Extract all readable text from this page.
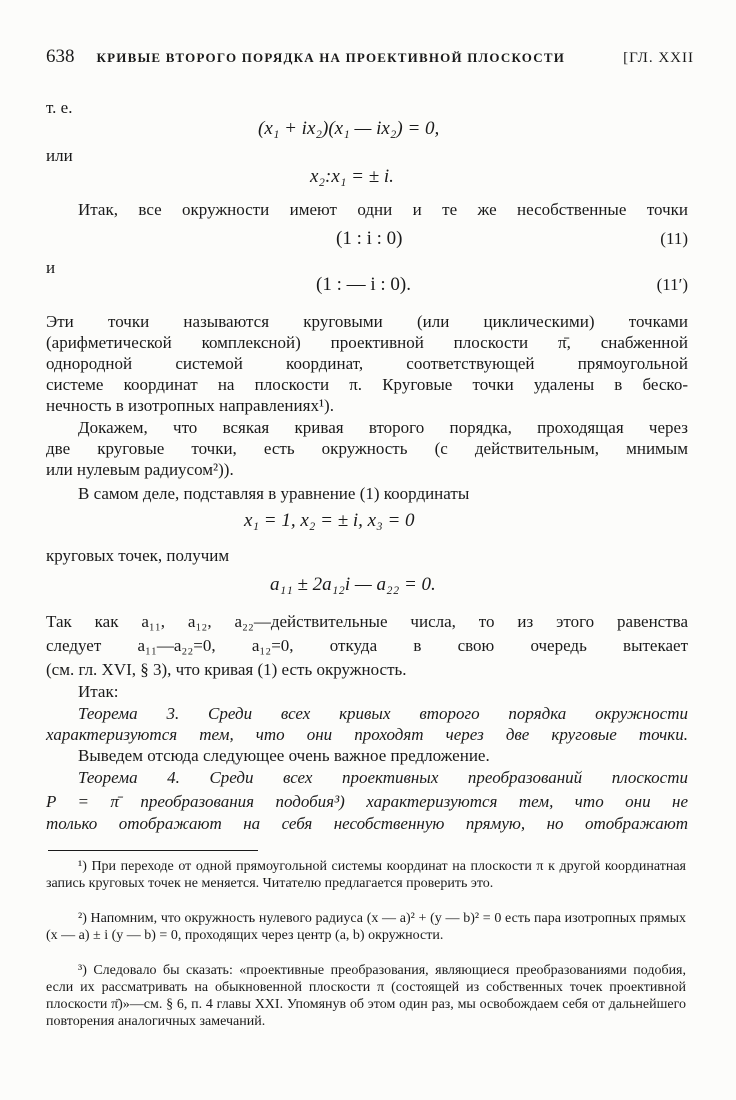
638 КРИВЫЕ ВТОРОГО ПОРЯДКА НА ПРОЕКТИВНОЙ ПЛОСКОСТИ	[ГЛ. XXII
т. е.
(x₁ + ix₂)(x₁ — ix₂) = 0,
или
x₂:x₁ = ± i.
Итак, все окружности имеют одни и те же несобственные точки
(1 : i : 0)	(11)
и
(1 : — i : 0).	(11′)
Эти точки называются круговыми (или циклическими) точками
(арифметической комплексной) проективной плоскости π̄, снабженной
однородной системой координат, соответствующей прямоугольной
системе координат на плоскости π. Круговые точки удалены в беско-
нечность в изотропных направлениях¹).
Докажем, что всякая кривая второго порядка, проходящая через
две круговые точки, есть окружность (с действительным, мнимым
или нулевым радиусом²)).
В самом деле, подставляя в уравнение (1) координаты
x₁ = 1, x₂ = ± i, x₃ = 0
круговых точек, получим
a₁₁ ± 2a₁₂i — a₂₂ = 0.
Так как a₁₁, a₁₂, a₂₂—действительные числа, то из этого равенства
следует a₁₁—a₂₂=0, a₁₂=0, откуда в свою очередь вытекает
(см. гл. XVI, § 3), что кривая (1) есть окружность.
Итак:
Теорема 3. Среди всех кривых второго порядка окружности
характеризуются тем, что они проходят через две круговые точки.
Выведем отсюда следующее очень важное предложение.
Теорема 4. Среди всех проективных преобразований плоскости
P = π̄ преобразования подобия³) характеризуются тем, что они не
только отображают на себя несобственную прямую, но отображают
¹) При переходе от одной прямоугольной системы координат на плоскости π к другой координатная запись круговых точек не меняется. Читателю предлагается проверить это.
²) Напомним, что окружность нулевого радиуса (x — a)² + (y — b)² = 0 есть пара изотропных прямых (x — a) ± i (y — b) = 0, проходящих через центр (a, b) окружности.
³) Следовало бы сказать: «проективные преобразования, являющиеся преобразованиями подобия, если их рассматривать на обыкновенной плоскости π (состоящей из собственных точек проективной плоскости π̄)»—см. § 6, п. 4 главы XXI. Упомянув об этом один раз, мы освобождаем себя от дальнейшего повторения аналогичных замечаний.
